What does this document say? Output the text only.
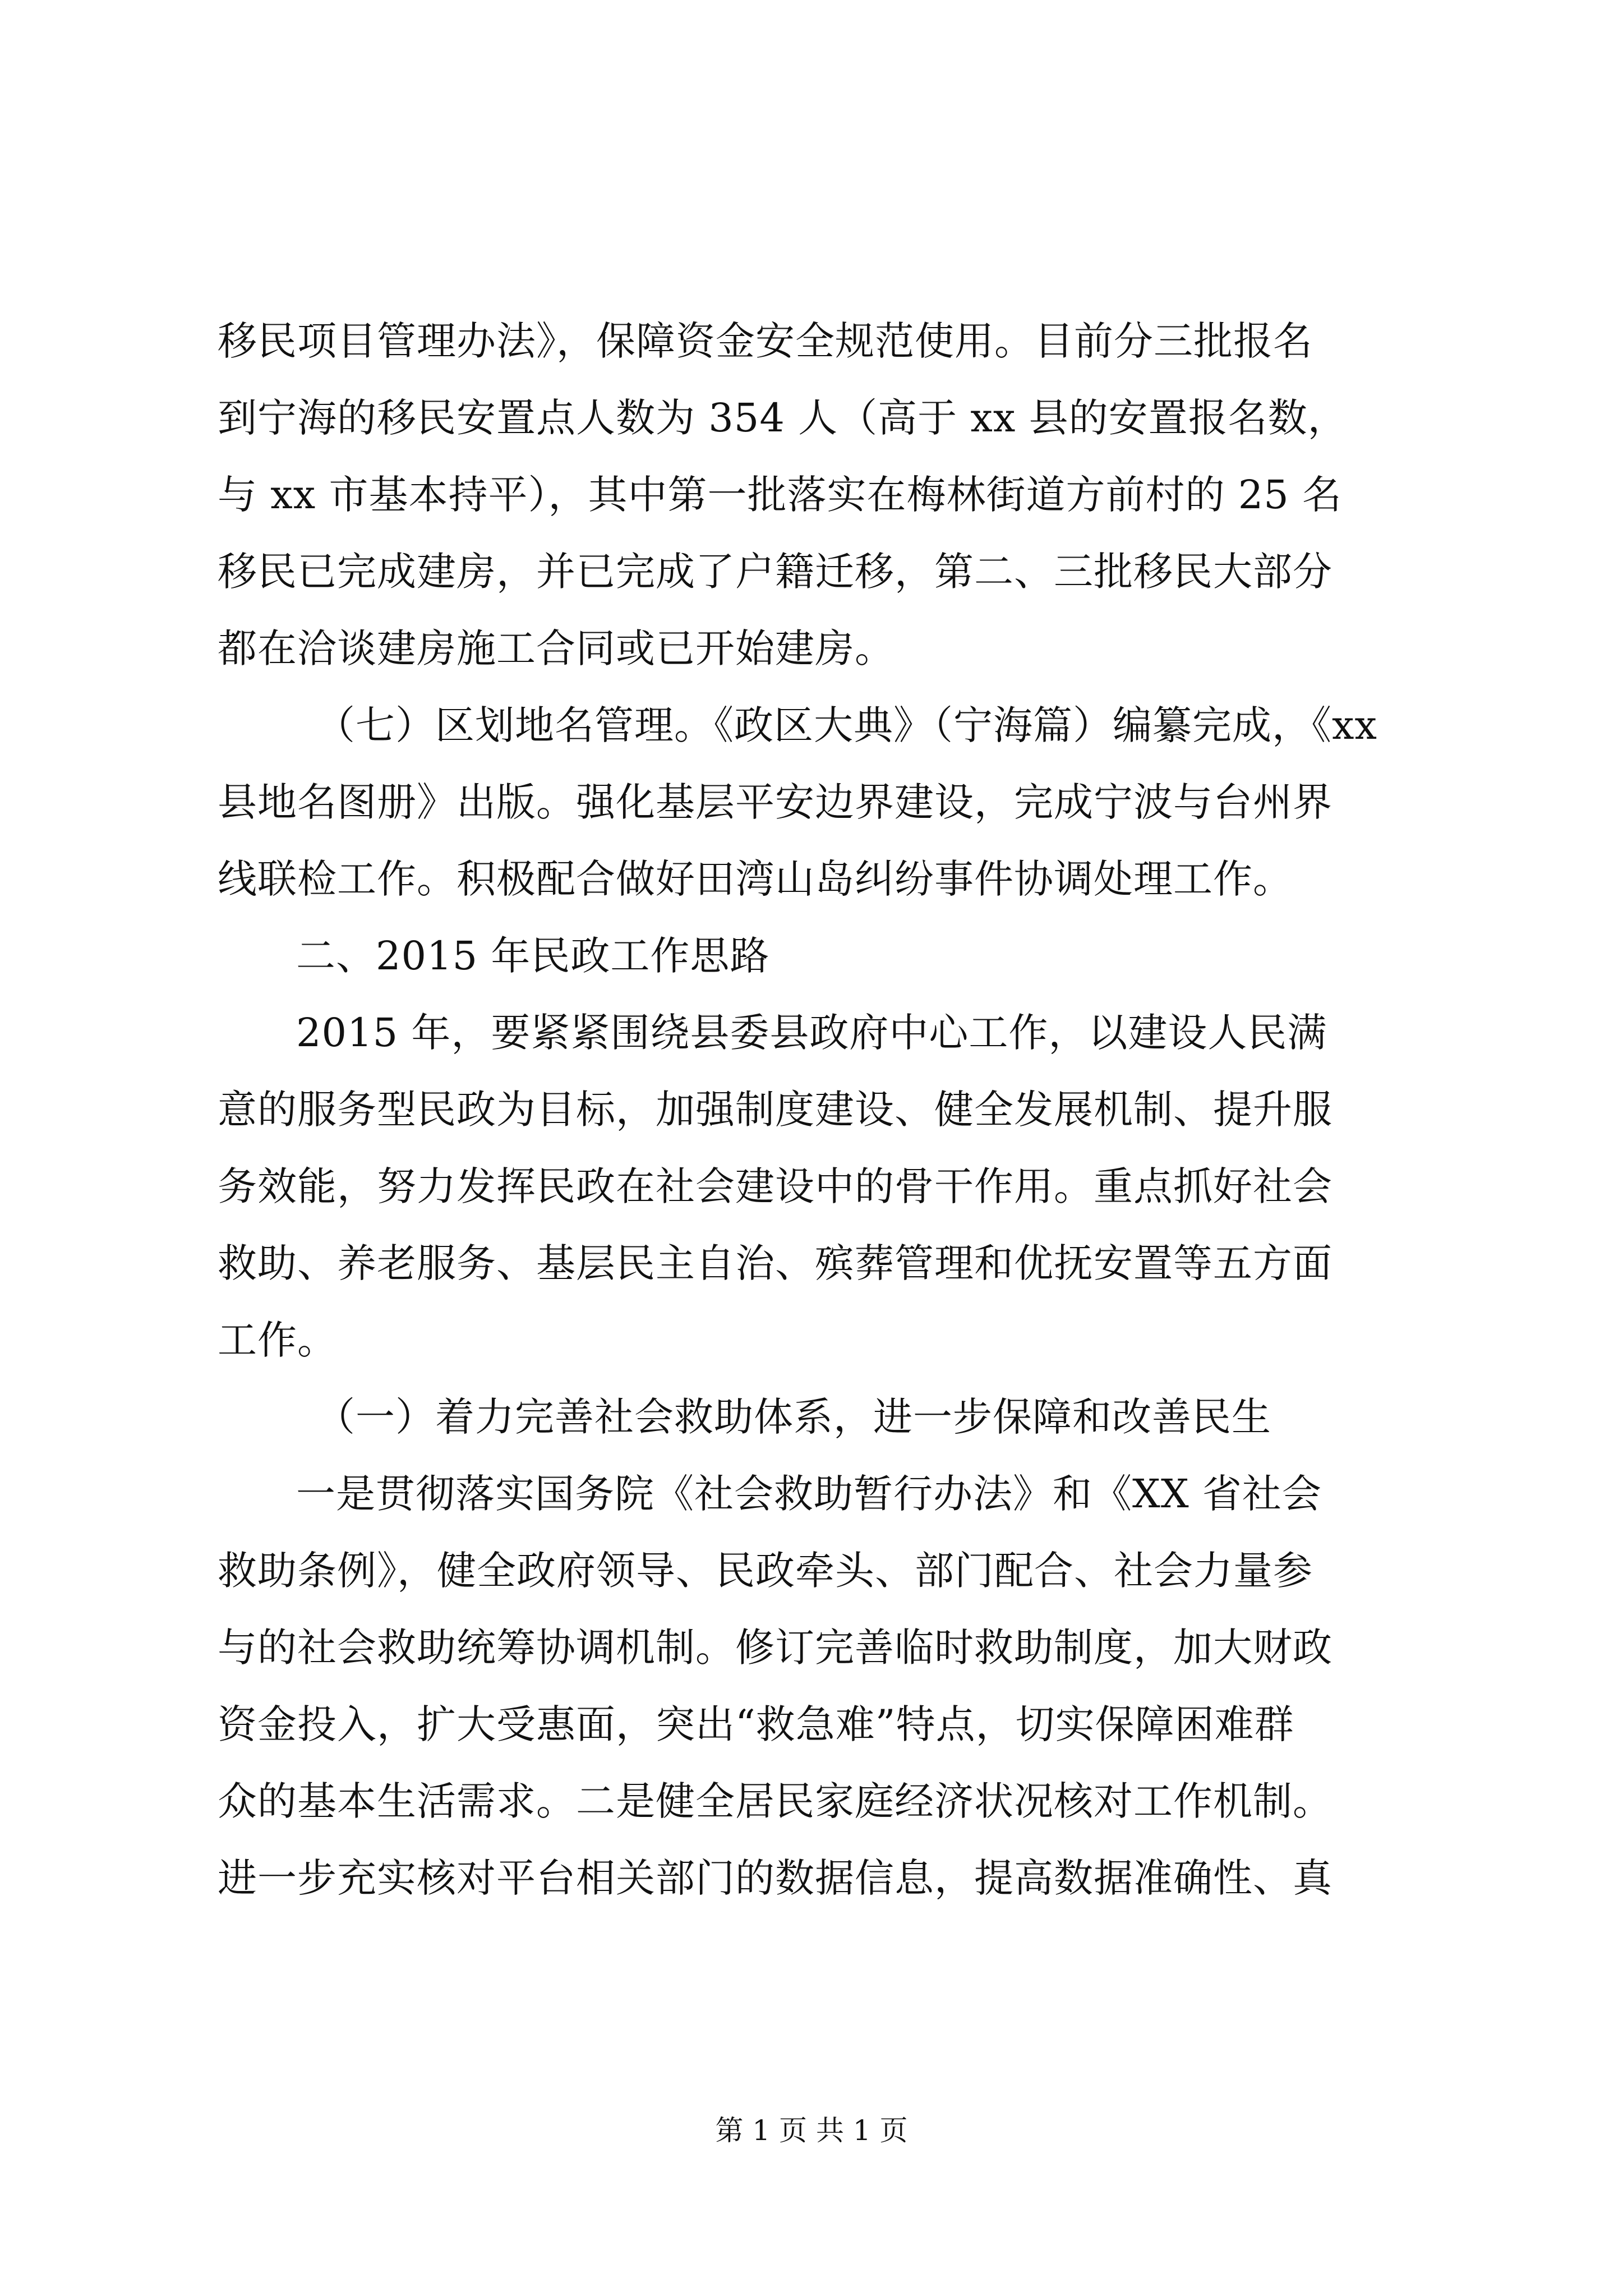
移民项目管理办法》，保障资金安全规范使用。目前分三批报名
到宁海的移民安置点人数为 354 人（高于 xx 县的安置报名数，
与 xx 市基本持平），其中第一批落实在梅林街道方前村的 25 名
移民已完成建房，并已完成了户籍迁移，第二、三批移民大部分
都在洽谈建房施工合同或已开始建房。
（七）区划地名管理。《政区大典》（宁海篇）编纂完成，《xx
县地名图册》出版。强化基层平安边界建设，完成宁波与台州界
线联检工作。积极配合做好田湾山岛纠纷事件协调处理工作。
二、2015 年民政工作思路
2015 年，要紧紧围绕县委县政府中心工作，以建设人民满
意的服务型民政为目标，加强制度建设、健全发展机制、提升服
务效能，努力发挥民政在社会建设中的骨干作用。重点抓好社会
救助、养老服务、基层民主自治、殡葬管理和优抚安置等五方面
工作。
（一）着力完善社会救助体系，进一步保障和改善民生
一是贯彻落实国务院《社会救助暂行办法》和《XX 省社会
救助条例》，健全政府领导、民政牵头、部门配合、社会力量参
与的社会救助统筹协调机制。修订完善临时救助制度，加大财政
资金投入，扩大受惠面，突出“救急难”特点，切实保障困难群
众的基本生活需求。二是健全居民家庭经济状况核对工作机制。
进一步充实核对平台相关部门的数据信息，提高数据准确性、真
第 1 页 共 1 页
